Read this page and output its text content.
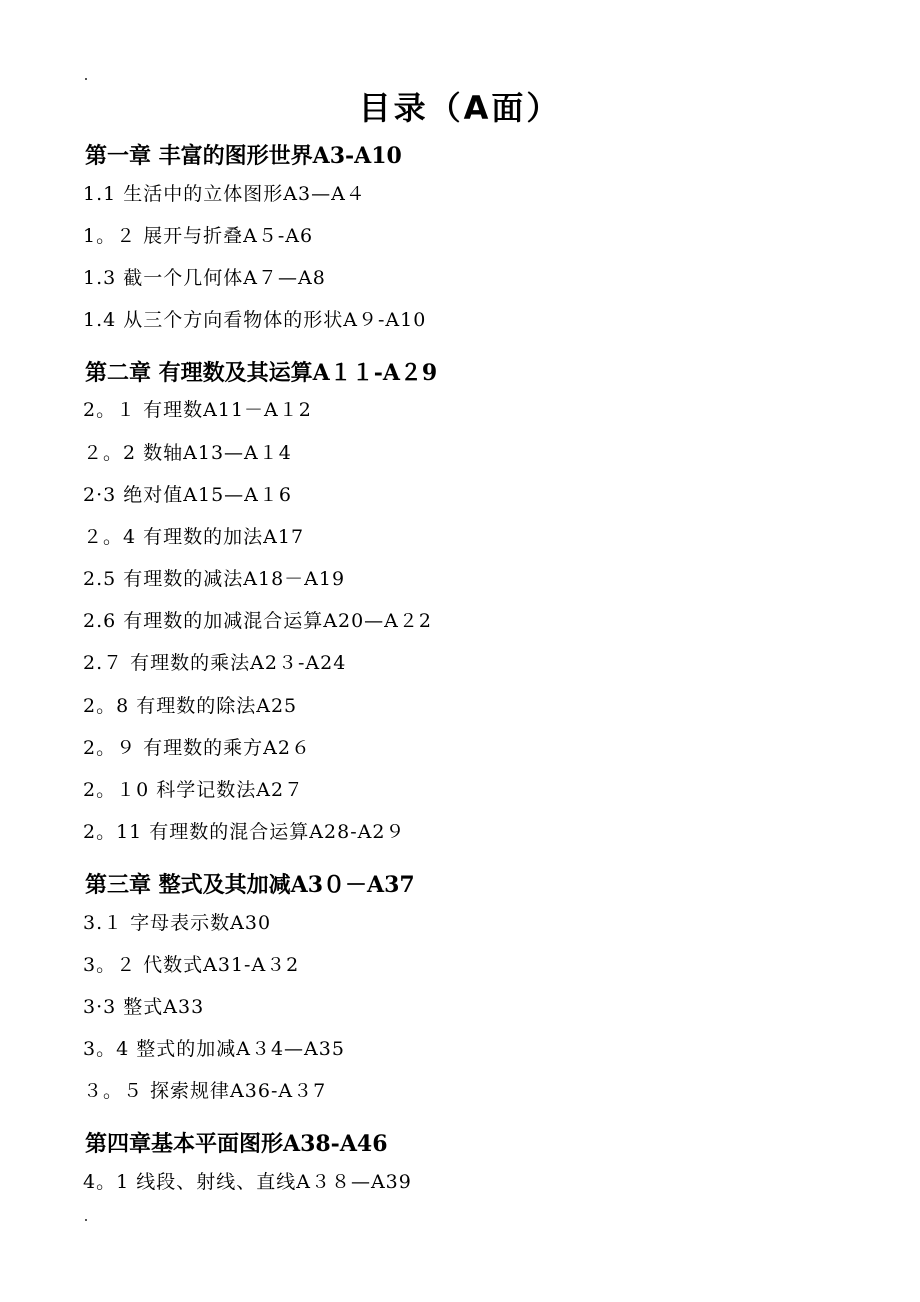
目录（A面）
第一章 丰富的图形世界A3-A10
1.1 生活中的立体图形A3—A４
1。２ 展开与折叠A５-A6
1.3 截一个几何体A７—A8
1.4 从三个方向看物体的形状A９-A10
第二章 有理数及其运算A１１-A２9
2。１ 有理数A11－A１2
２。2 数轴A13—A１4
2·3 绝对值A15—A１6
２。4 有理数的加法A17
2.5 有理数的减法A18－A19
2.6 有理数的加减混合运算A20—A２2
2.７ 有理数的乘法A2３-A24
2。8 有理数的除法A25
2。９ 有理数的乘方A2６
2。１0 科学记数法A2７
2。11 有理数的混合运算A28-A2９
第三章 整式及其加减A3０－A37
3.１ 字母表示数A30
3。２ 代数式A31-A３2
3·3 整式A33
3。4 整式的加减A３4—A35
３。５ 探索规律A36-A３7
第四章基本平面图形A38-A46
4。1 线段、射线、直线A３８—A39
